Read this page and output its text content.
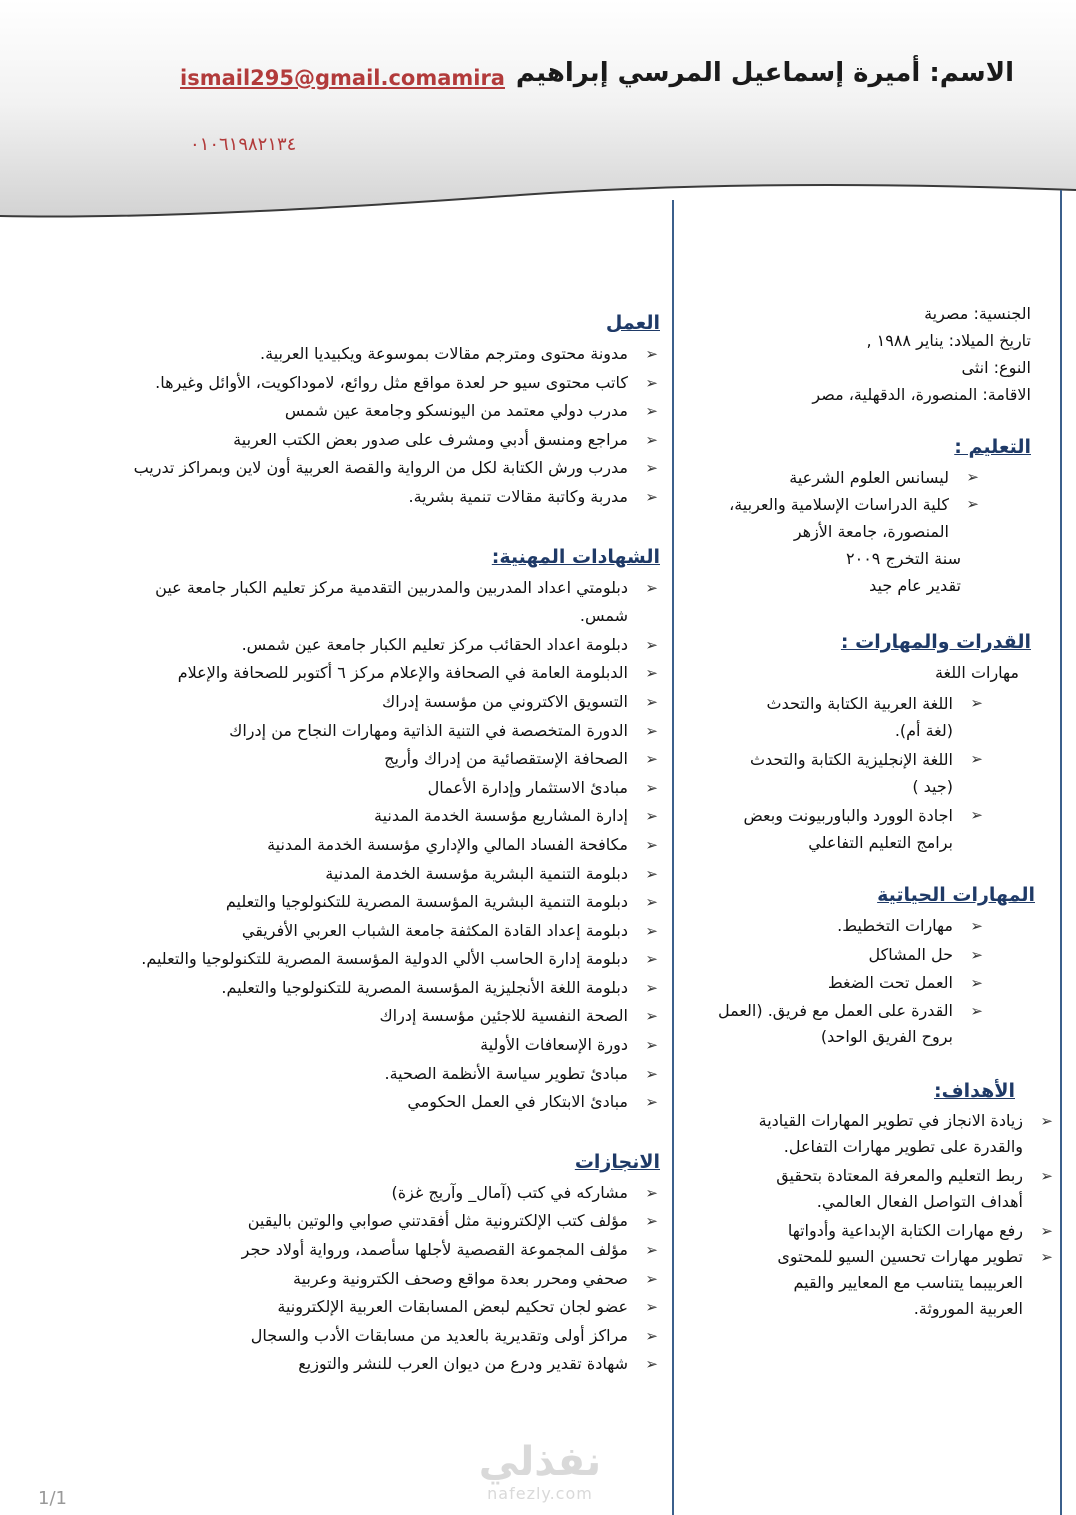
الاسم: أميرة إسماعيل المرسي إبراهيم
ismail295@gmail.comamira
٠١٠٦١٩٨٢١٣٤
الجنسية: مصرية
تاريخ الميلاد: يناير ١٩٨٨ ,
النوع: انثى
الاقامة: المنصورة، الدقهلية، مصر
التعليم :
➢
ليسانس العلوم الشرعية
➢
كلية الدراسات الإسلامية والعربية،
المنصورة، جامعة الأزهر
سنة التخرج ٢٠٠٩
تقدير عام جيد
القدرات والمهارات :
مهارات اللغة
➢
اللغة العربية الكتابة والتحدث
(لغة أم).
➢
اللغة الإنجليزية الكتابة والتحدث
(جيد )
➢
اجادة الوورد والباوربيونت وبعض
برامج التعليم التفاعلي
المهارات الحياتية
➢
مهارات التخطيط.
➢
حل المشاكل
➢
العمل تحت الضغط
➢
القدرة على العمل مع فريق. (العمل
بروح الفريق الواحد)
الأهداف:
➢
زيادة الانجاز في تطوير المهارات القيادية
والقدرة على تطوير مهارات التفاعل.
➢
ربط التعليم والمعرفة المعتادة بتحقيق
أهداف التواصل الفعال العالمي.
➢
رفع مهارات الكتابة الإبداعية وأدواتها
➢
تطوير مهارات تحسين السيو للمحتوى
العربيبما يتناسب مع المعايير والقيم
العربية الموروثة.
العمل
➢
مدونة محتوى ومترجم مقالات بموسوعة ويكبيديا العربية.
➢
كاتب محتوى سيو حر لعدة مواقع مثل روائع، لاموداكويت، الأوائل وغيرها.
➢
مدرب دولي معتمد من اليونسكو وجامعة عين شمس
➢
مراجع ومنسق أدبي ومشرف على صدور بعض الكتب العربية
➢
مدرب ورش الكتابة لكل من الرواية والقصة العربية أون لاين وبمراكز تدريب
➢
مدربة وكاتبة مقالات تنمية بشرية.
الشهادات المهنية:
➢
دبلومتي اعداد المدربين والمدربين التقدمية مركز تعليم الكبار جامعة عين
شمس.
➢
دبلومة اعداد الحقائب مركز تعليم الكبار جامعة عين شمس.
➢
الدبلومة العامة في الصحافة والإعلام مركز ٦ أكتوبر للصحافة والإعلام
➢
التسويق الاكتروني من مؤسسة إدراك
➢
الدورة المتخصصة في التنية الذاتية ومهارات النجاح من إدراك
➢
الصحافة الإستقصائية من إدراك وأريج
➢
مبادئ الاستثمار وإدارة الأعمال
➢
إدارة المشاريع مؤسسة الخدمة المدنية
➢
مكافحة الفساد المالي والإداري مؤسسة الخدمة المدنية
➢
دبلومة التنمية البشرية مؤسسة الخدمة المدنية
➢
دبلومة التنمية البشرية المؤسسة المصرية للتكنولوجيا والتعليم
➢
دبلومة إعداد القادة المكثفة جامعة الشباب العربي الأفريقي
➢
دبلومة إدارة الحاسب الألي الدولية المؤسسة المصرية للتكنولوجيا والتعليم.
➢
دبلومة اللغة الأنجليزية المؤسسة المصرية للتكنولوجيا والتعليم.
➢
الصحة النفسية للاجئين مؤسسة إدراك
➢
دورة الإسعافات الأولية
➢
مبادئ تطوير سياسة الأنظمة الصحية.
➢
مبادئ الابتكار في العمل الحكومي
الانجازات
➢
مشاركه في كتب (آمال_ وآريج غزة)
➢
مؤلف كتب الإلكترونية مثل أفقدتني صوابي والوتين باليقين
➢
مؤلف المجموعة القصصية لأجلها سأصمد، ورواية أولاد حجر
➢
صحفي ومحرر بعدة مواقع وصحف الكترونية وعربية
➢
عضو لجان تحكيم لبعض المسابقات العربية الإلكترونية
➢
مراكز أولى وتقديرية بالعديد من مسابقات الأدب والسجال
➢
شهادة تقدير ودرع من ديوان العرب للنشر والتوزيع
نفذلي
nafezly.com
1/1
